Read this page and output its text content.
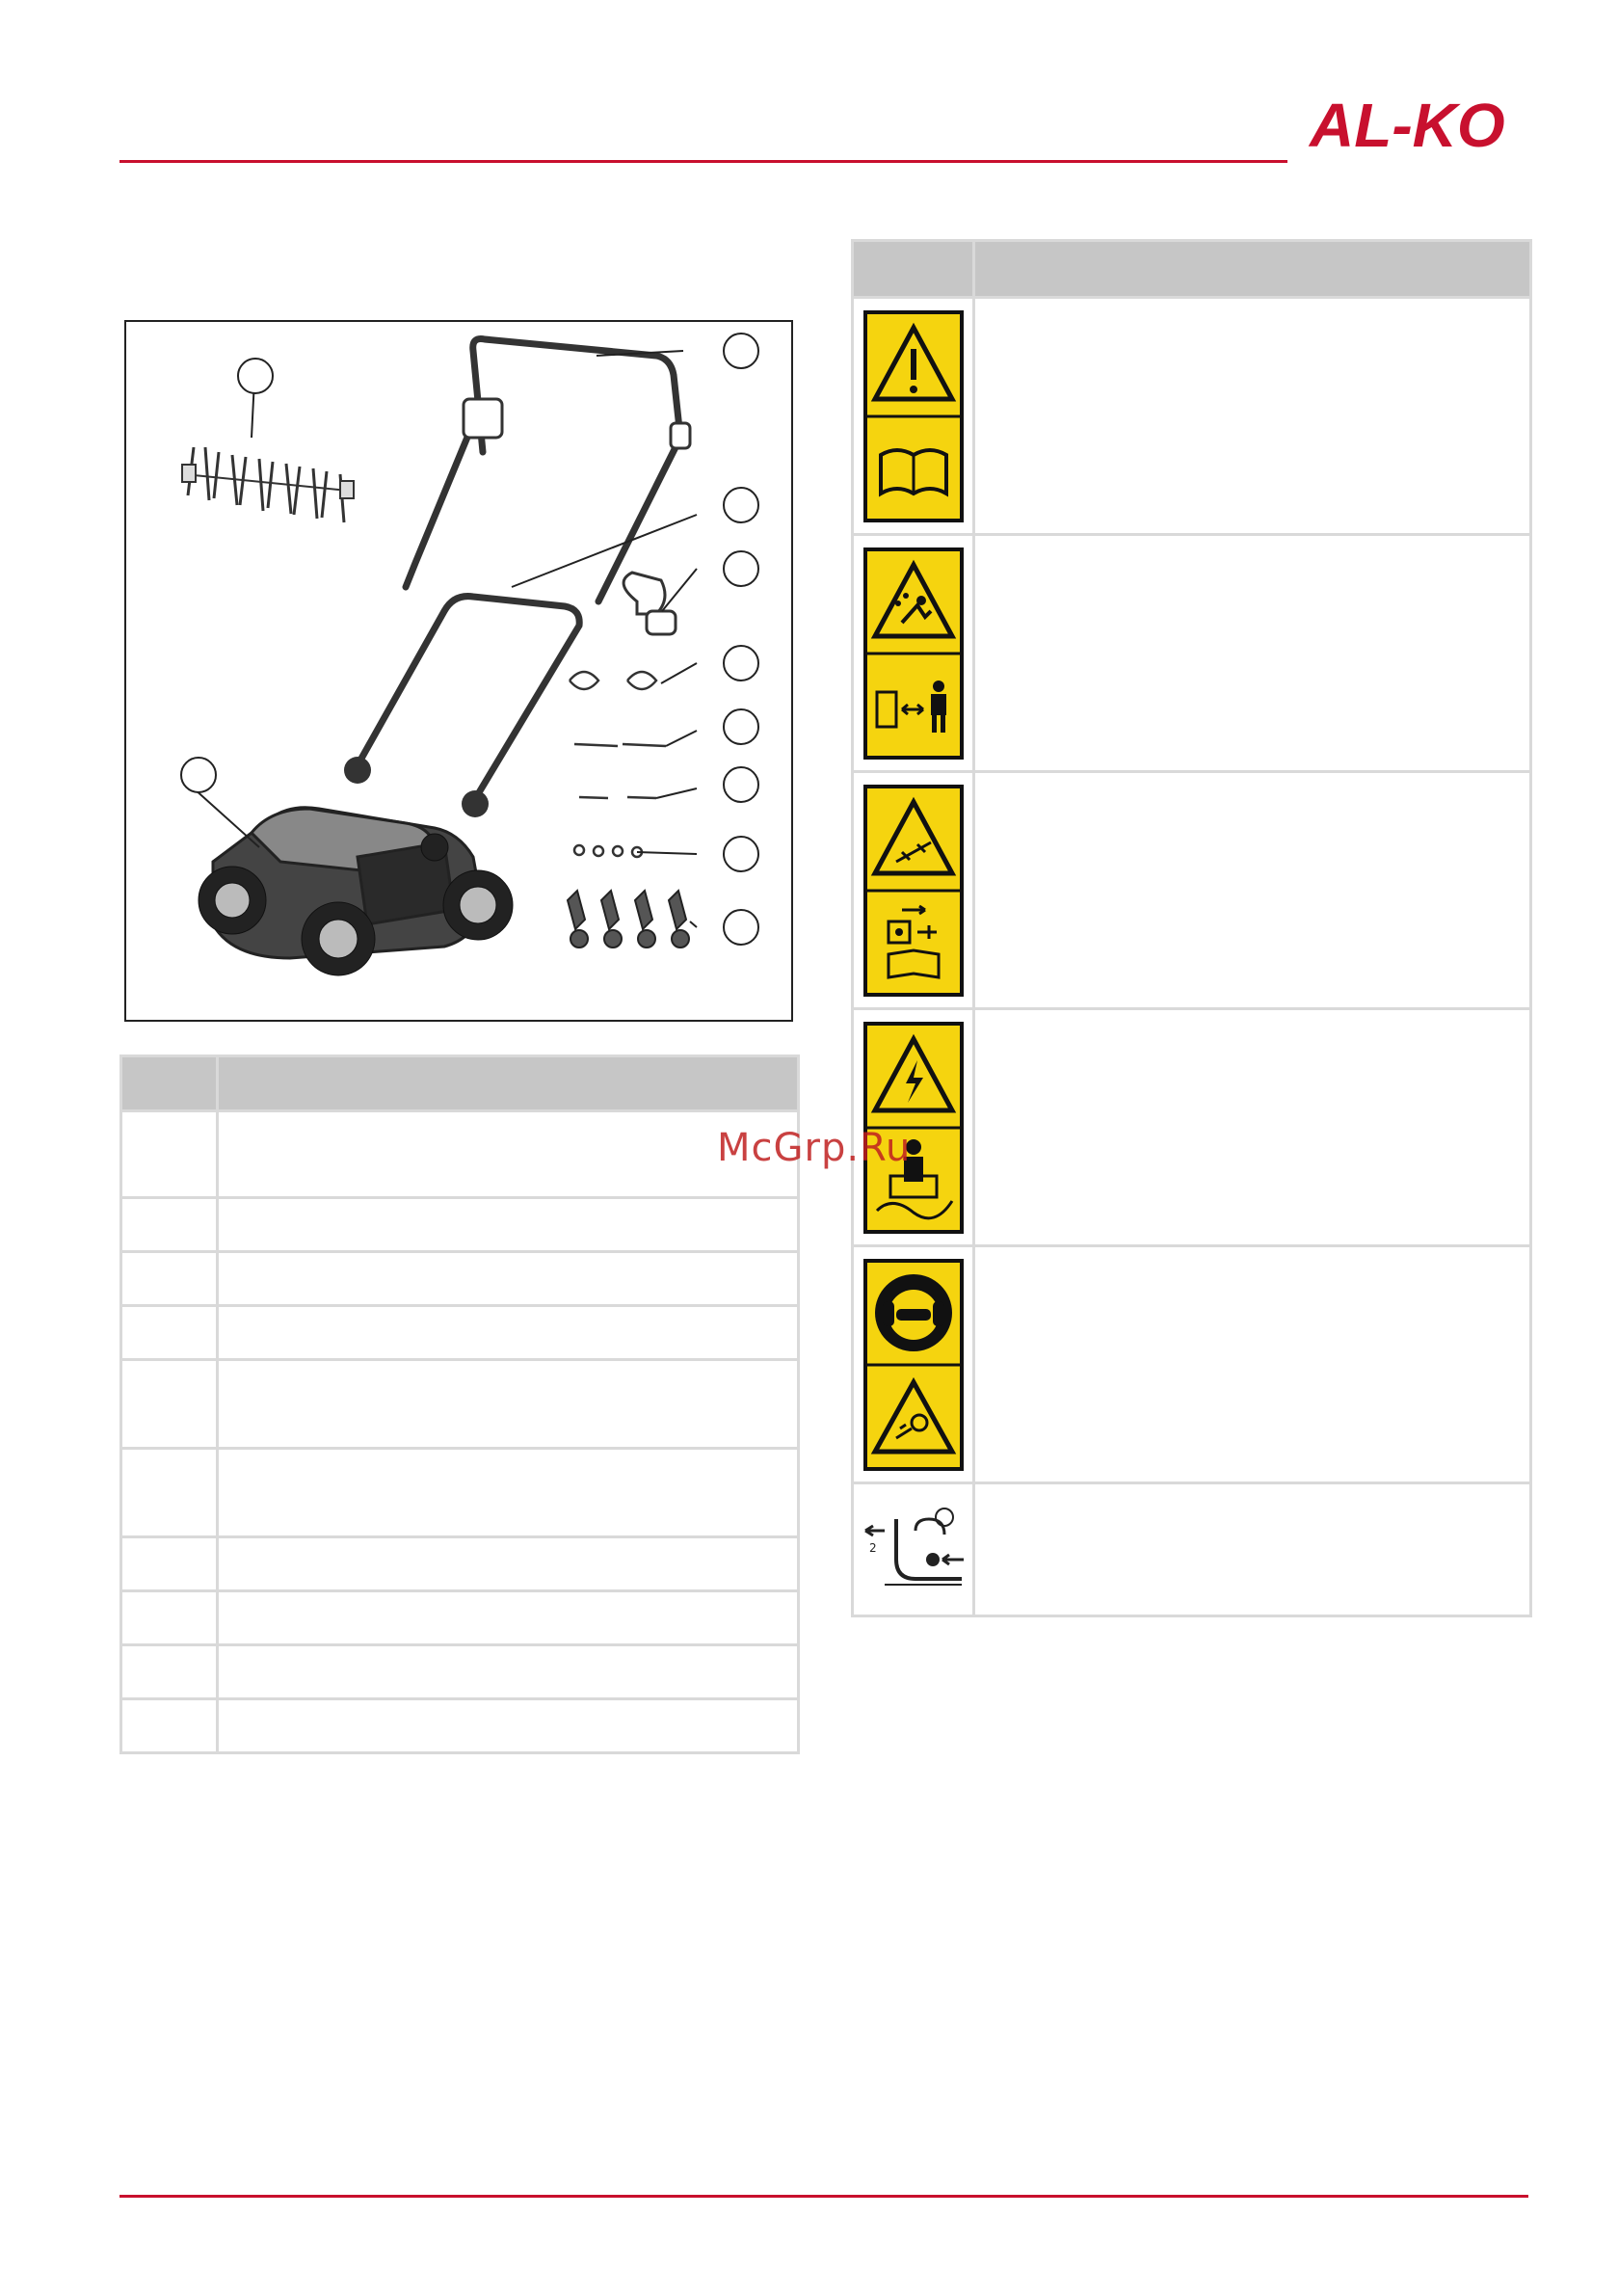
AL-KO

2	

McGrp.Ru
